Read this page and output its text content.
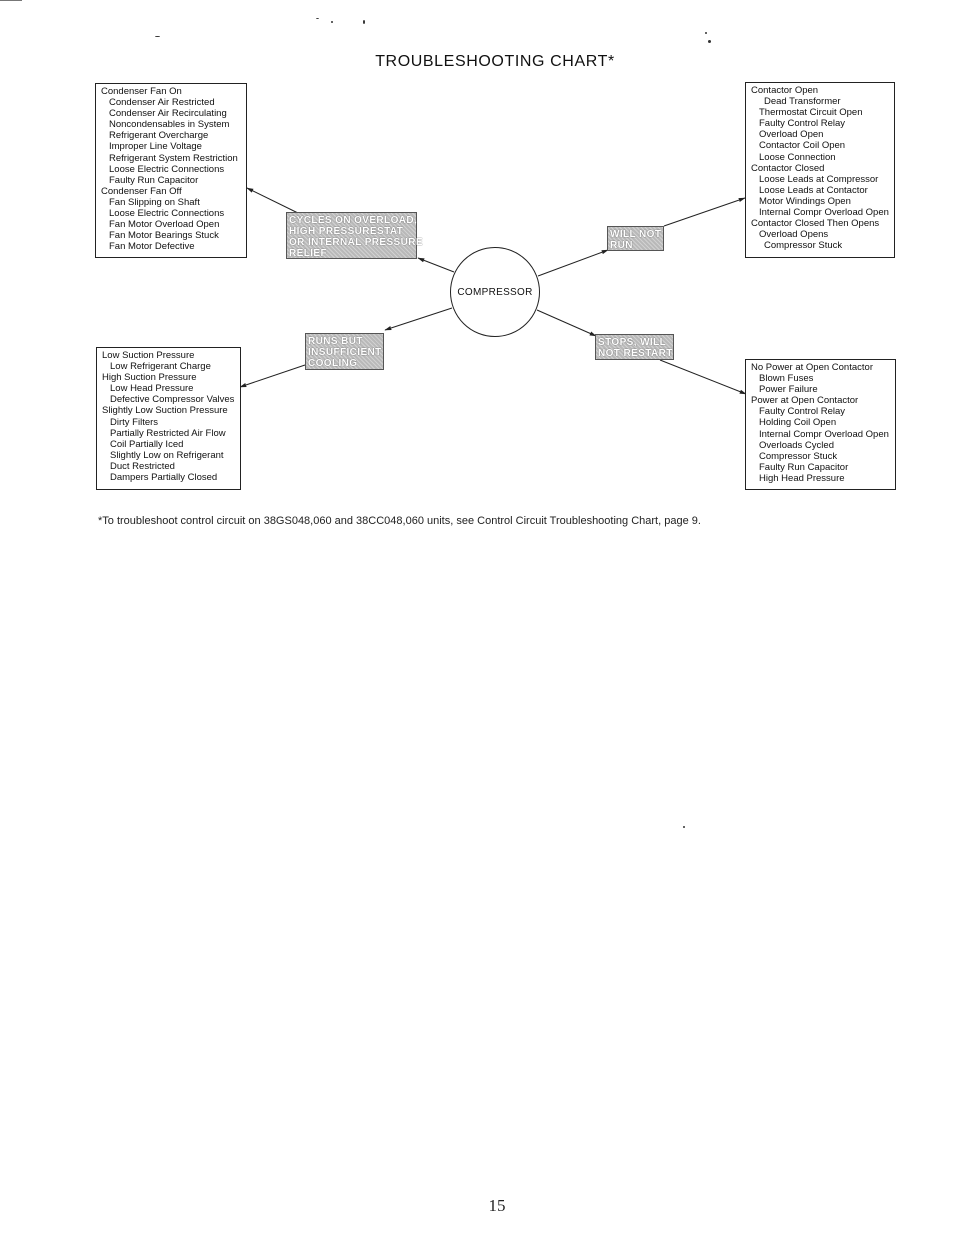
TROUBLESHOOTING CHART*
Condenser Fan On
Condenser Air Restricted
Condenser Air Recirculating
Noncondensables in System
Refrigerant Overcharge
Improper Line Voltage
Refrigerant System Restriction
Loose Electric Connections
Faulty Run Capacitor
Condenser Fan Off
Fan Slipping on Shaft
Loose Electric Connections
Fan Motor Overload Open
Fan Motor Bearings Stuck
Fan Motor Defective
Contactor Open
Dead Transformer
Thermostat Circuit Open
Faulty Control Relay
Overload Open
Contactor Coil Open
Loose Connection
Contactor Closed
Loose Leads at Compressor
Loose Leads at Contactor
Motor Windings Open
Internal Compr Overload Open
Contactor Closed Then Opens
Overload Opens
Compressor Stuck
Low Suction Pressure
Low Refrigerant Charge
High Suction Pressure
Low Head Pressure
Defective Compressor Valves
Slightly Low Suction Pressure
Dirty Filters
Partially Restricted Air Flow
Coil Partially Iced
Slightly Low on Refrigerant
Duct Restricted
Dampers Partially Closed
No Power at Open Contactor
Blown Fuses
Power Failure
Power at Open Contactor
Faulty Control Relay
Holding Coil Open
Internal Compr Overload Open
Overloads Cycled
Compressor Stuck
Faulty Run Capacitor
High Head Pressure
CYCLES ON OVERLOAD,
HIGH PRESSURESTAT
OR INTERNAL PRESSURE
RELIEF
WILL NOT
RUN
RUNS BUT
INSUFFICIENT
COOLING
STOPS, WILL
NOT RESTART
COMPRESSOR
*To troubleshoot control circuit on 38GS048,060 and 38CC048,060 units, see Control Circuit Troubleshooting Chart, page 9.
15
